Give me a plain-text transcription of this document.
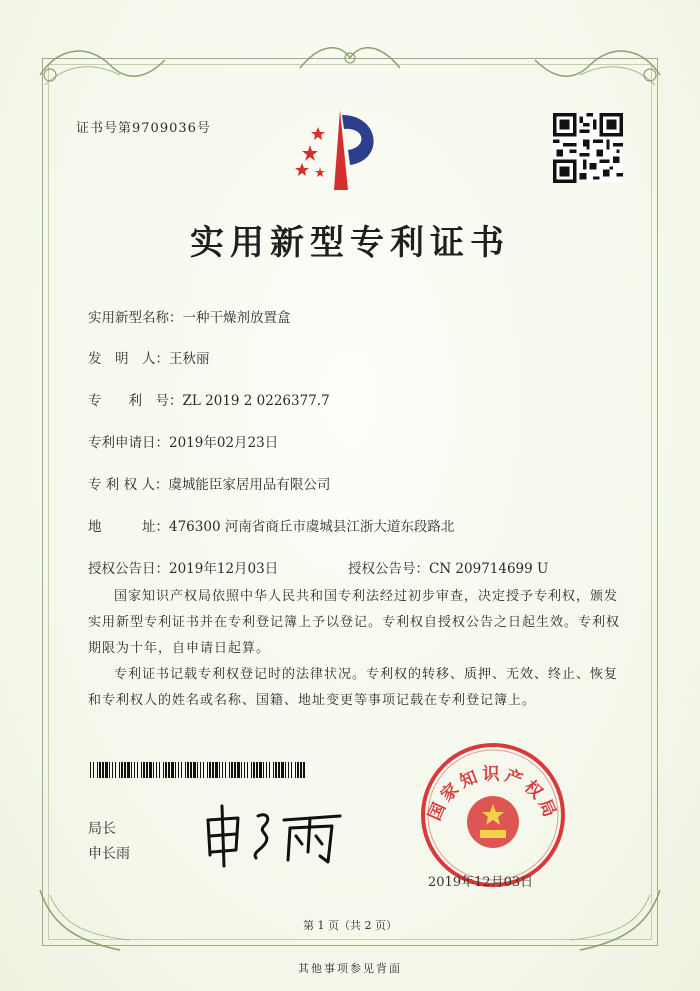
证书号第9709036号
实用新型专利证书
实用新型名称：一种干燥剂放置盒
发　明　人：王秋丽
专　　利　号：ZL 2019 2 0226377.7
专利申请日：2019年02月23日
专 利 权 人：虞城能臣家居用品有限公司
地　　　址：476300 河南省商丘市虞城县江浙大道东段路北
授权公告日：2019年12月03日	授权公告号：CN 209714699 U
国家知识产权局依照中华人民共和国专利法经过初步审查，决定授予专利权，颁发实用新型专利证书并在专利登记簿上予以登记。专利权自授权公告之日起生效。专利权期限为十年，自申请日起算。
专利证书记载专利权登记时的法律状况。专利权的转移、质押、无效、终止、恢复和专利权人的姓名或名称、国籍、地址变更等事项记载在专利登记簿上。
局长
申长雨
国家知识产权局
2019年12月03日
第 1 页（共 2 页）
其他事项参见背面
